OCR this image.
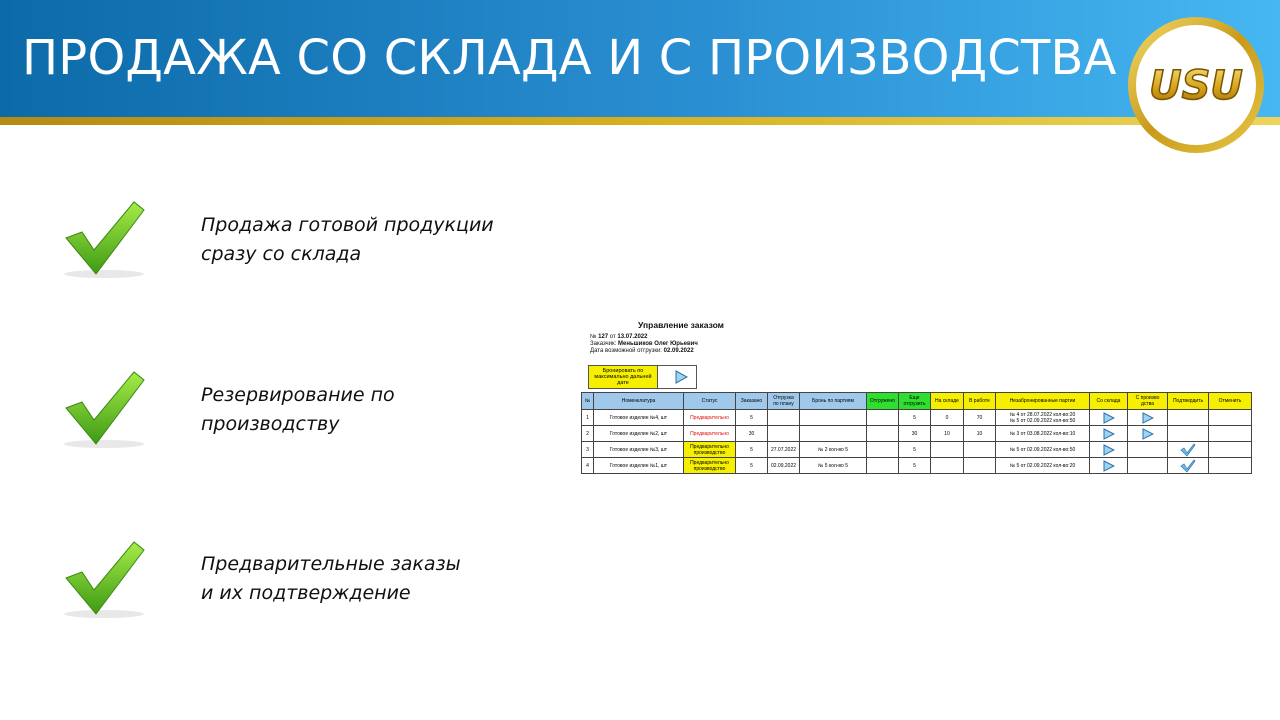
ПРОДАЖА СО СКЛАДА И С ПРОИЗВОДСТВА USU
Продажа готовой продукции
сразу со склада
Резервирование по
производству
Предварительные заказы
и их подтверждение
Управление заказом
№ 127 от 13.07.2022
Заказчик: Меньшиков Олег Юрьевич
Дата возможной отгрузки: 02.09.2022
Бронировать по максимально дальней дате
№	Номенклатура	Статус	Заказано	Отгрузка по плану	Бронь по партиям	Отгружено	Еще отгрузить	На складе	В работе	Незабронированные партии	Со склада	С произво дства	Подтвердить	Отменить
1	Готовое изделие №4, шт	Предварительно	5				5	0	70	№ 4 от 28.07.2022 кол-во:20
№ 5 от 02.09.2022 кол-во:50

2	Готовое изделие №2, шт	Предварительно	30				30	10	10	№ 3 от 03.08.2022 кол-во:10

3	Готовое изделие №3, шт	Предварительно производство	5	27.07.2022	№ 2 кол-во 5		5			№ 5 от 02.09.2022 кол-во:50

4	Готовое изделие №1, шт	Предварительно производство	5	02.09.2022	№ 5 кол-во 5		5			№ 5 от 02.09.2022 кол-во:20
